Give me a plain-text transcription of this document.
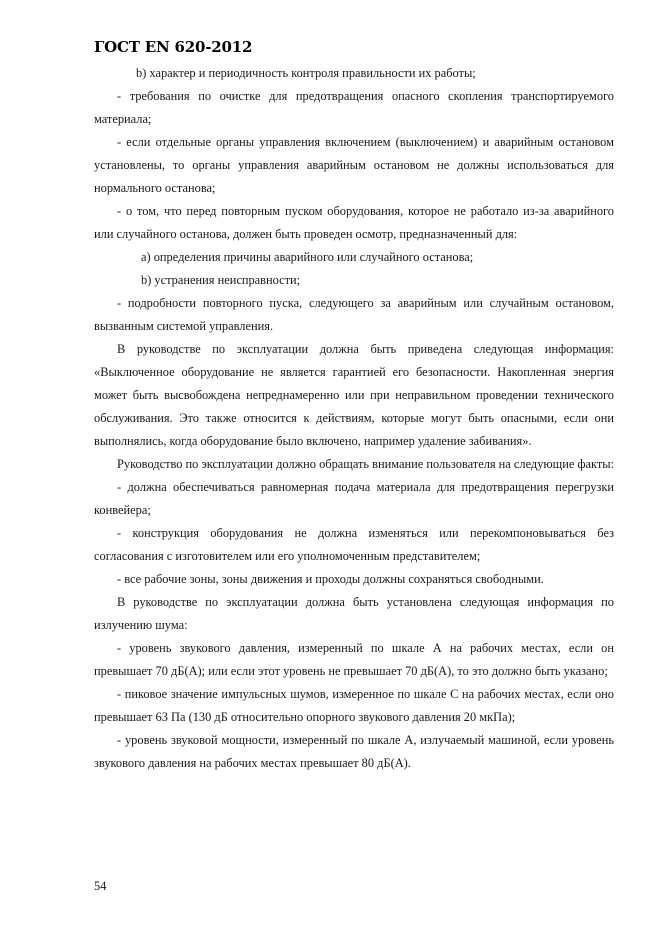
ГОСТ EN 620-2012

b) характер и периодичность контроля правильности их работы;

- требования по очистке для предотвращения опасного скопления транспортируемого материала;

- если отдельные органы управления включением (выключением) и аварийным остановом установлены, то органы управления аварийным остановом не должны использоваться для нормального останова;

- о том, что перед повторным пуском оборудования, которое не работало из-за аварийного или случайного останова, должен быть проведен осмотр, предназначенный для:

а) определения причины аварийного или случайного останова;

b) устранения неисправности;

- подробности повторного пуска, следующего за аварийным или случайным остановом, вызванным системой управления.

В руководстве по эксплуатации должна быть приведена следующая информация: «Выключенное оборудование не является гарантией его безопасности. Накопленная энергия может быть высвобождена непреднамеренно или при неправильном проведении технического обслуживания. Это также относится к действиям, которые могут быть опасными, если они выполнялись, когда оборудование было включено, например удаление забивания».

Руководство по эксплуатации должно обращать внимание пользователя на следующие факты:

- должна обеспечиваться равномерная подача материала для предотвращения перегрузки конвейера;

- конструкция оборудования не должна изменяться или перекомпоновываться без согласования с изготовителем или его уполномоченным представителем;

- все рабочие зоны, зоны движения и проходы должны сохраняться свободными.

В руководстве по эксплуатации должна быть установлена следующая информация по излучению шума:

- уровень звукового давления, измеренный по шкале А на рабочих местах, если он превышает 70 дБ(А); или если этот уровень не превышает 70 дБ(А), то это должно быть указано;

- пиковое значение импульсных шумов, измеренное по шкале С на рабочих местах, если оно превышает 63 Па (130 дБ относительно опорного звукового давления 20 мкПа);

- уровень звуковой мощности, измеренный по шкале А, излучаемый машиной, если уровень звукового давления на рабочих местах превышает 80 дБ(А).

54
